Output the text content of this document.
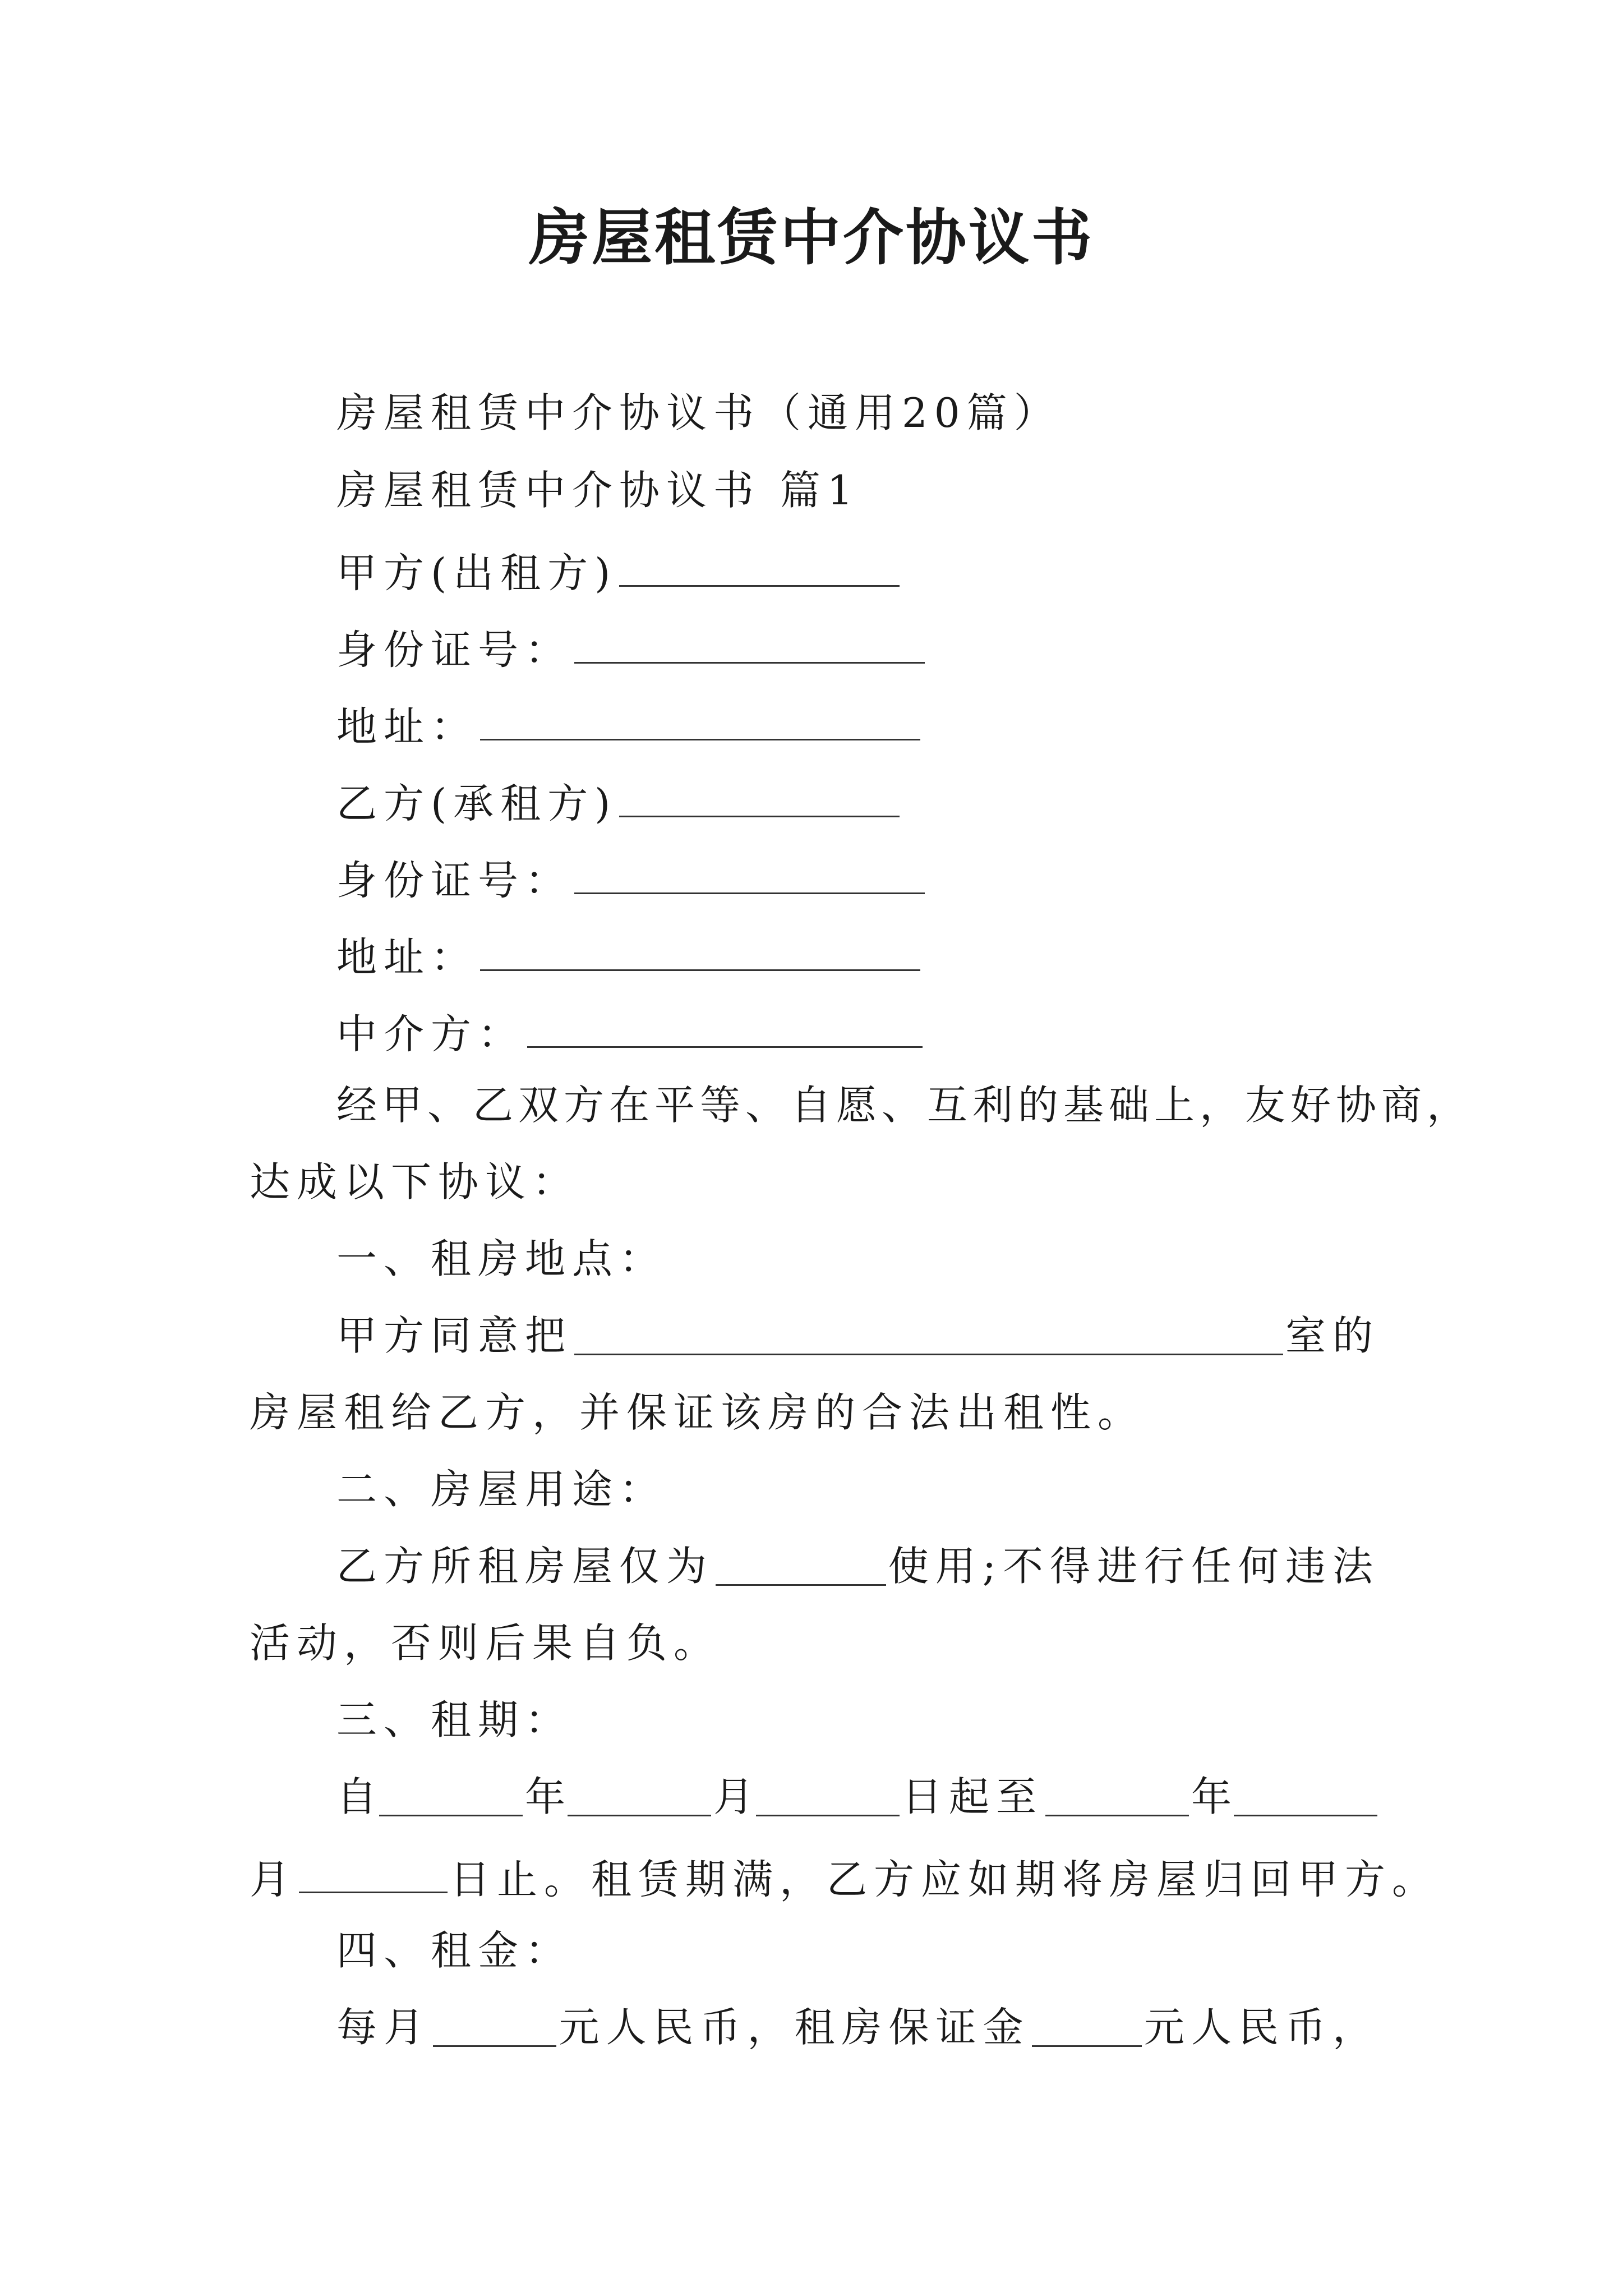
房屋租赁中介协议书
房屋租赁中介协议书（通用20篇）
房屋租赁中介协议书 篇1
甲方(出租方)
身份证号：
地址：
乙方(承租方)
身份证号：
地址：
中介方：
经甲、乙双方在平等、自愿、互利的基础上，友好协商，
达成以下协议：
一、租房地点：
甲方同意把	室的
房屋租给乙方，并保证该房的合法出租性。
二、房屋用途：
乙方所租房屋仅为	使用;不得进行任何违法
活动，否则后果自负。
三、租期：
自	年	月	日起至	年
月	日止。租赁期满，乙方应如期将房屋归回甲方。
四、租金：
每月	元人民币，租房保证金	元人民币，
